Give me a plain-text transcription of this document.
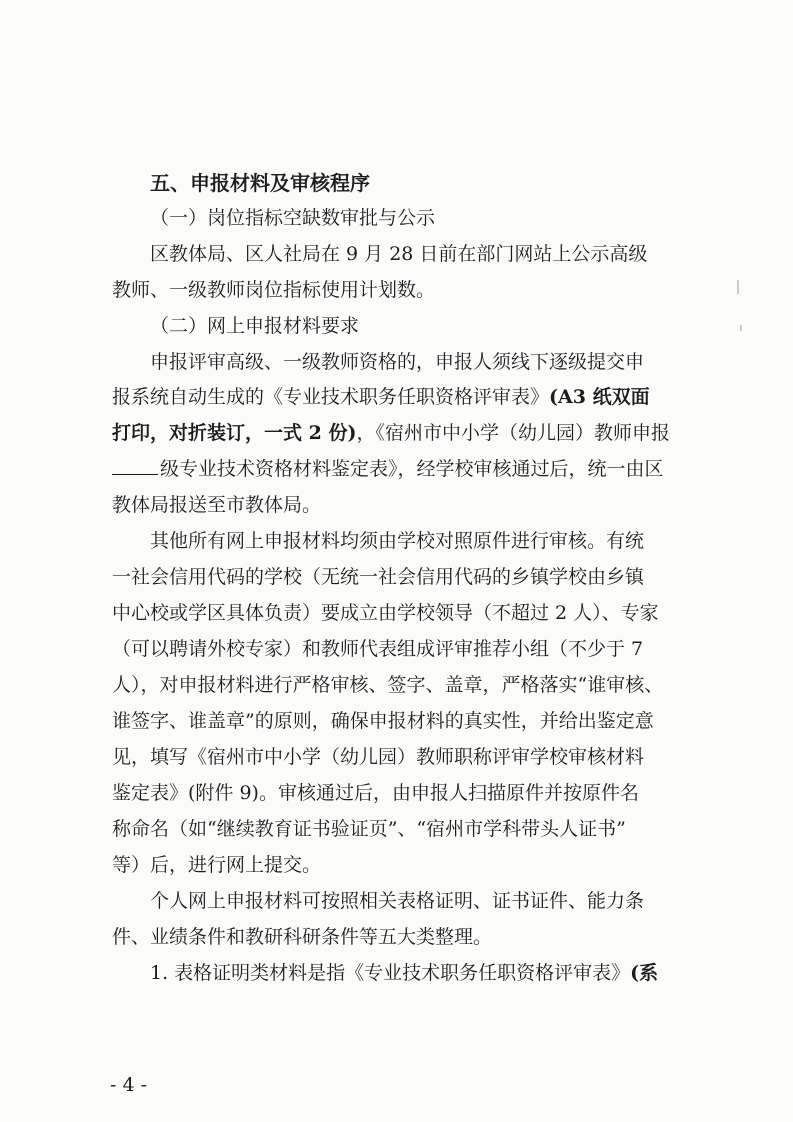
五、申报材料及审核程序
（一）岗位指标空缺数审批与公示
区教体局、区人社局在 9 月 28 日前在部门网站上公示高级
教师、一级教师岗位指标使用计划数。
（二）网上申报材料要求
申报评审高级、一级教师资格的，申报人须线下逐级提交申
报系统自动生成的《专业技术职务任职资格评审表》(A3 纸双面
打印，对折装订，一式 2 份)，《宿州市中小学（幼儿园）教师申报
级专业技术资格材料鉴定表》，经学校审核通过后，统一由区
教体局报送至市教体局。
其他所有网上申报材料均须由学校对照原件进行审核。有统
一社会信用代码的学校（无统一社会信用代码的乡镇学校由乡镇
中心校或学区具体负责）要成立由学校领导（不超过 2 人）、专家
（可以聘请外校专家）和教师代表组成评审推荐小组（不少于 7
人），对申报材料进行严格审核、签字、盖章，严格落实“谁审核、
谁签字、谁盖章”的原则，确保申报材料的真实性，并给出鉴定意
见，填写《宿州市中小学（幼儿园）教师职称评审学校审核材料
鉴定表》(附件 9)。审核通过后，由申报人扫描原件并按原件名
称命名（如“继续教育证书验证页”、“宿州市学科带头人证书”
等）后，进行网上提交。
个人网上申报材料可按照相关表格证明、证书证件、能力条
件、业绩条件和教研科研条件等五大类整理。
1. 表格证明类材料是指《专业技术职务任职资格评审表》(系
- 4 -
